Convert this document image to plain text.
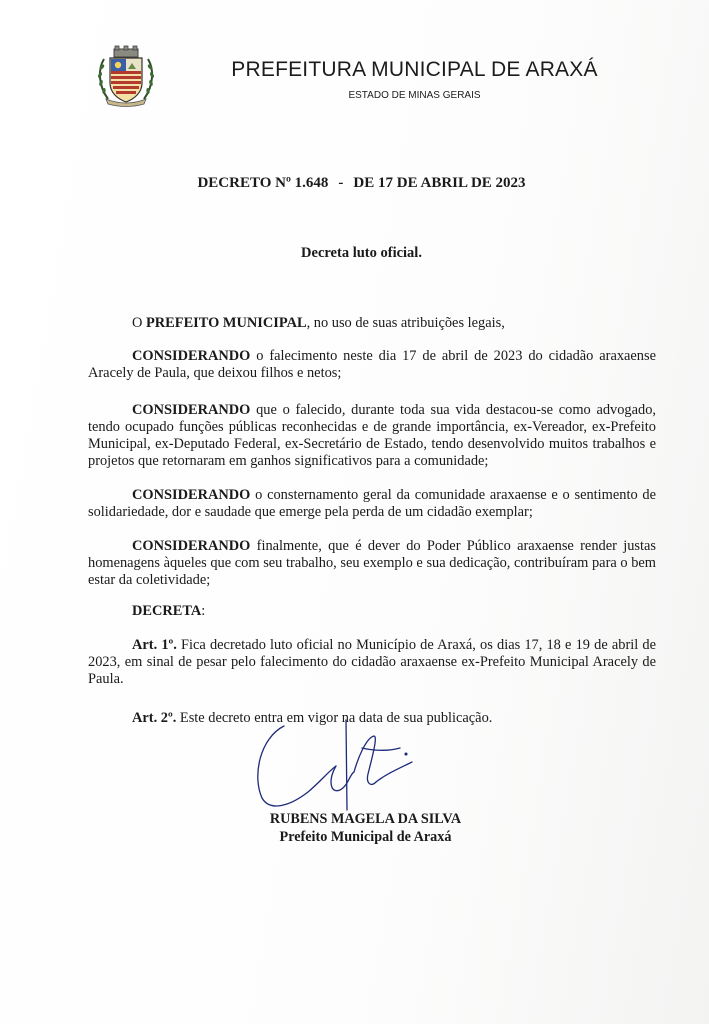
PREFEITURA MUNICIPAL DE ARAXÁ
ESTADO DE MINAS GERAIS
DECRETO Nº 1.648 - DE 17 DE ABRIL DE 2023
Decreta luto oficial.

O PREFEITO MUNICIPAL, no uso de suas atribuições legais,

CONSIDERANDO o falecimento neste dia 17 de abril de 2023 do cidadão araxaense Aracely de Paula, que deixou filhos e netos;

CONSIDERANDO que o falecido, durante toda sua vida destacou-se como advogado, tendo ocupado funções públicas reconhecidas e de grande importância, ex-Vereador, ex-Prefeito Municipal, ex-Deputado Federal, ex-Secretário de Estado, tendo desenvolvido muitos trabalhos e projetos que retornaram em ganhos significativos para a comunidade;

CONSIDERANDO o consternamento geral da comunidade araxaense e o sentimento de solidariedade, dor e saudade que emerge pela perda de um cidadão exemplar;

CONSIDERANDO finalmente, que é dever do Poder Público araxaense render justas homenagens àqueles que com seu trabalho, seu exemplo e sua dedicação, contribuíram para o bem estar da coletividade;

DECRETA:

Art. 1º. Fica decretado luto oficial no Município de Araxá, os dias 17, 18 e 19 de abril de 2023, em sinal de pesar pelo falecimento do cidadão araxaense ex-Prefeito Municipal Aracely de Paula.

Art. 2º. Este decreto entra em vigor na data de sua publicação.

RUBENS MAGELA DA SILVA
Prefeito Municipal de Araxá
